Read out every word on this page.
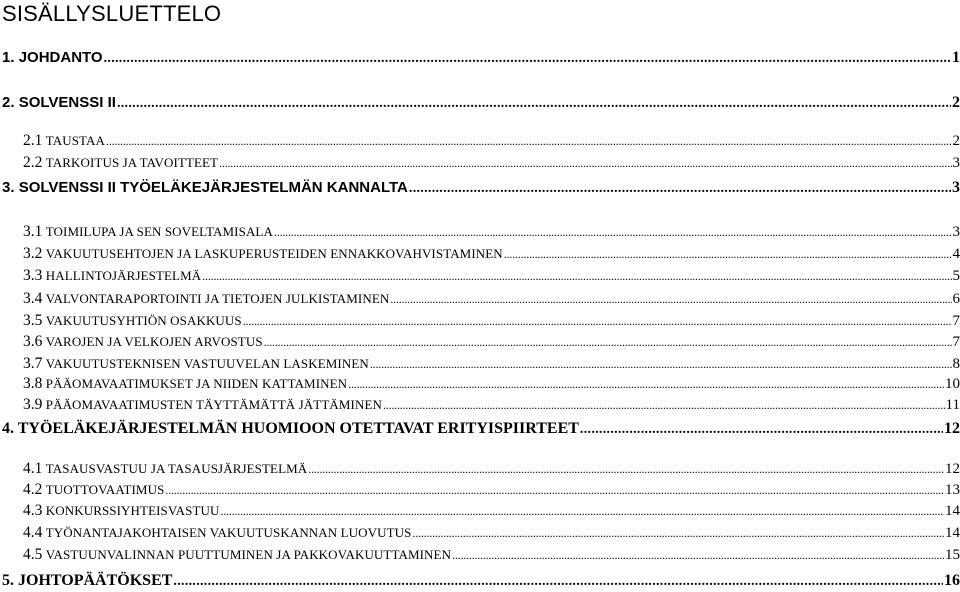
SISÄLLYSLUETTELO
1. JOHDANTO . . .	1
2. SOLVENSSI II . . .	2
2.1 TAUSTAA . . .	2
2.2 TARKOITUS JA TAVOITTEET . . .	3
3. SOLVENSSI II TYÖELÄKEJÄRJESTELMÄN KANNALTA . . .	3
3.1 TOIMILUPA JA SEN SOVELTAMISALA . . .	3
3.2 VAKUUTUSEHTOJEN JA LASKUPERUSTEIDEN ENNAKKOVAHVISTAMINEN . . .	4
3.3 HALLINTOJÄRJESTELMÄ . . .	5
3.4 VALVONTARAPORTOINTI JA TIETOJEN JULKISTAMINEN . . .	6
3.5 VAKUUTUSYHTIÖN OSAKKUUS . . .	7
3.6 VAROJEN JA VELKOJEN ARVOSTUS . . .	7
3.7 VAKUUTUSTEKNISEN VASTUUVELAN LASKEMINEN . . .	8
3.8 PÄÄOMAVAATIMUKSET JA NIIDEN KATTAMINEN . . .	10
3.9 PÄÄOMAVAATIMUSTEN TÄYTTÄMÄTTÄ JÄTTÄMINEN . . .	11
4. TYÖELÄKEJÄRJESTELMÄN HUOMIOON OTETTAVAT ERITYISPIIRTEET . . .	12
4.1 TASAUSVASTUU JA TASAUSJÄRJESTELMÄ . . .	12
4.2 TUOTTOVAATIMUS . . .	13
4.3 KONKURSSIYHTEISVASTUU . . .	14
4.4 TYÖNANTAJAKOHTAISEN VAKUUTUSKANNAN LUOVUTUS . . .	14
4.5 VASTUUNVALINNAN PUUTTUMINEN JA PAKKOVAKUUTTAMINEN . . .	15
5. JOHTOPÄÄTÖKSET . . .	16
